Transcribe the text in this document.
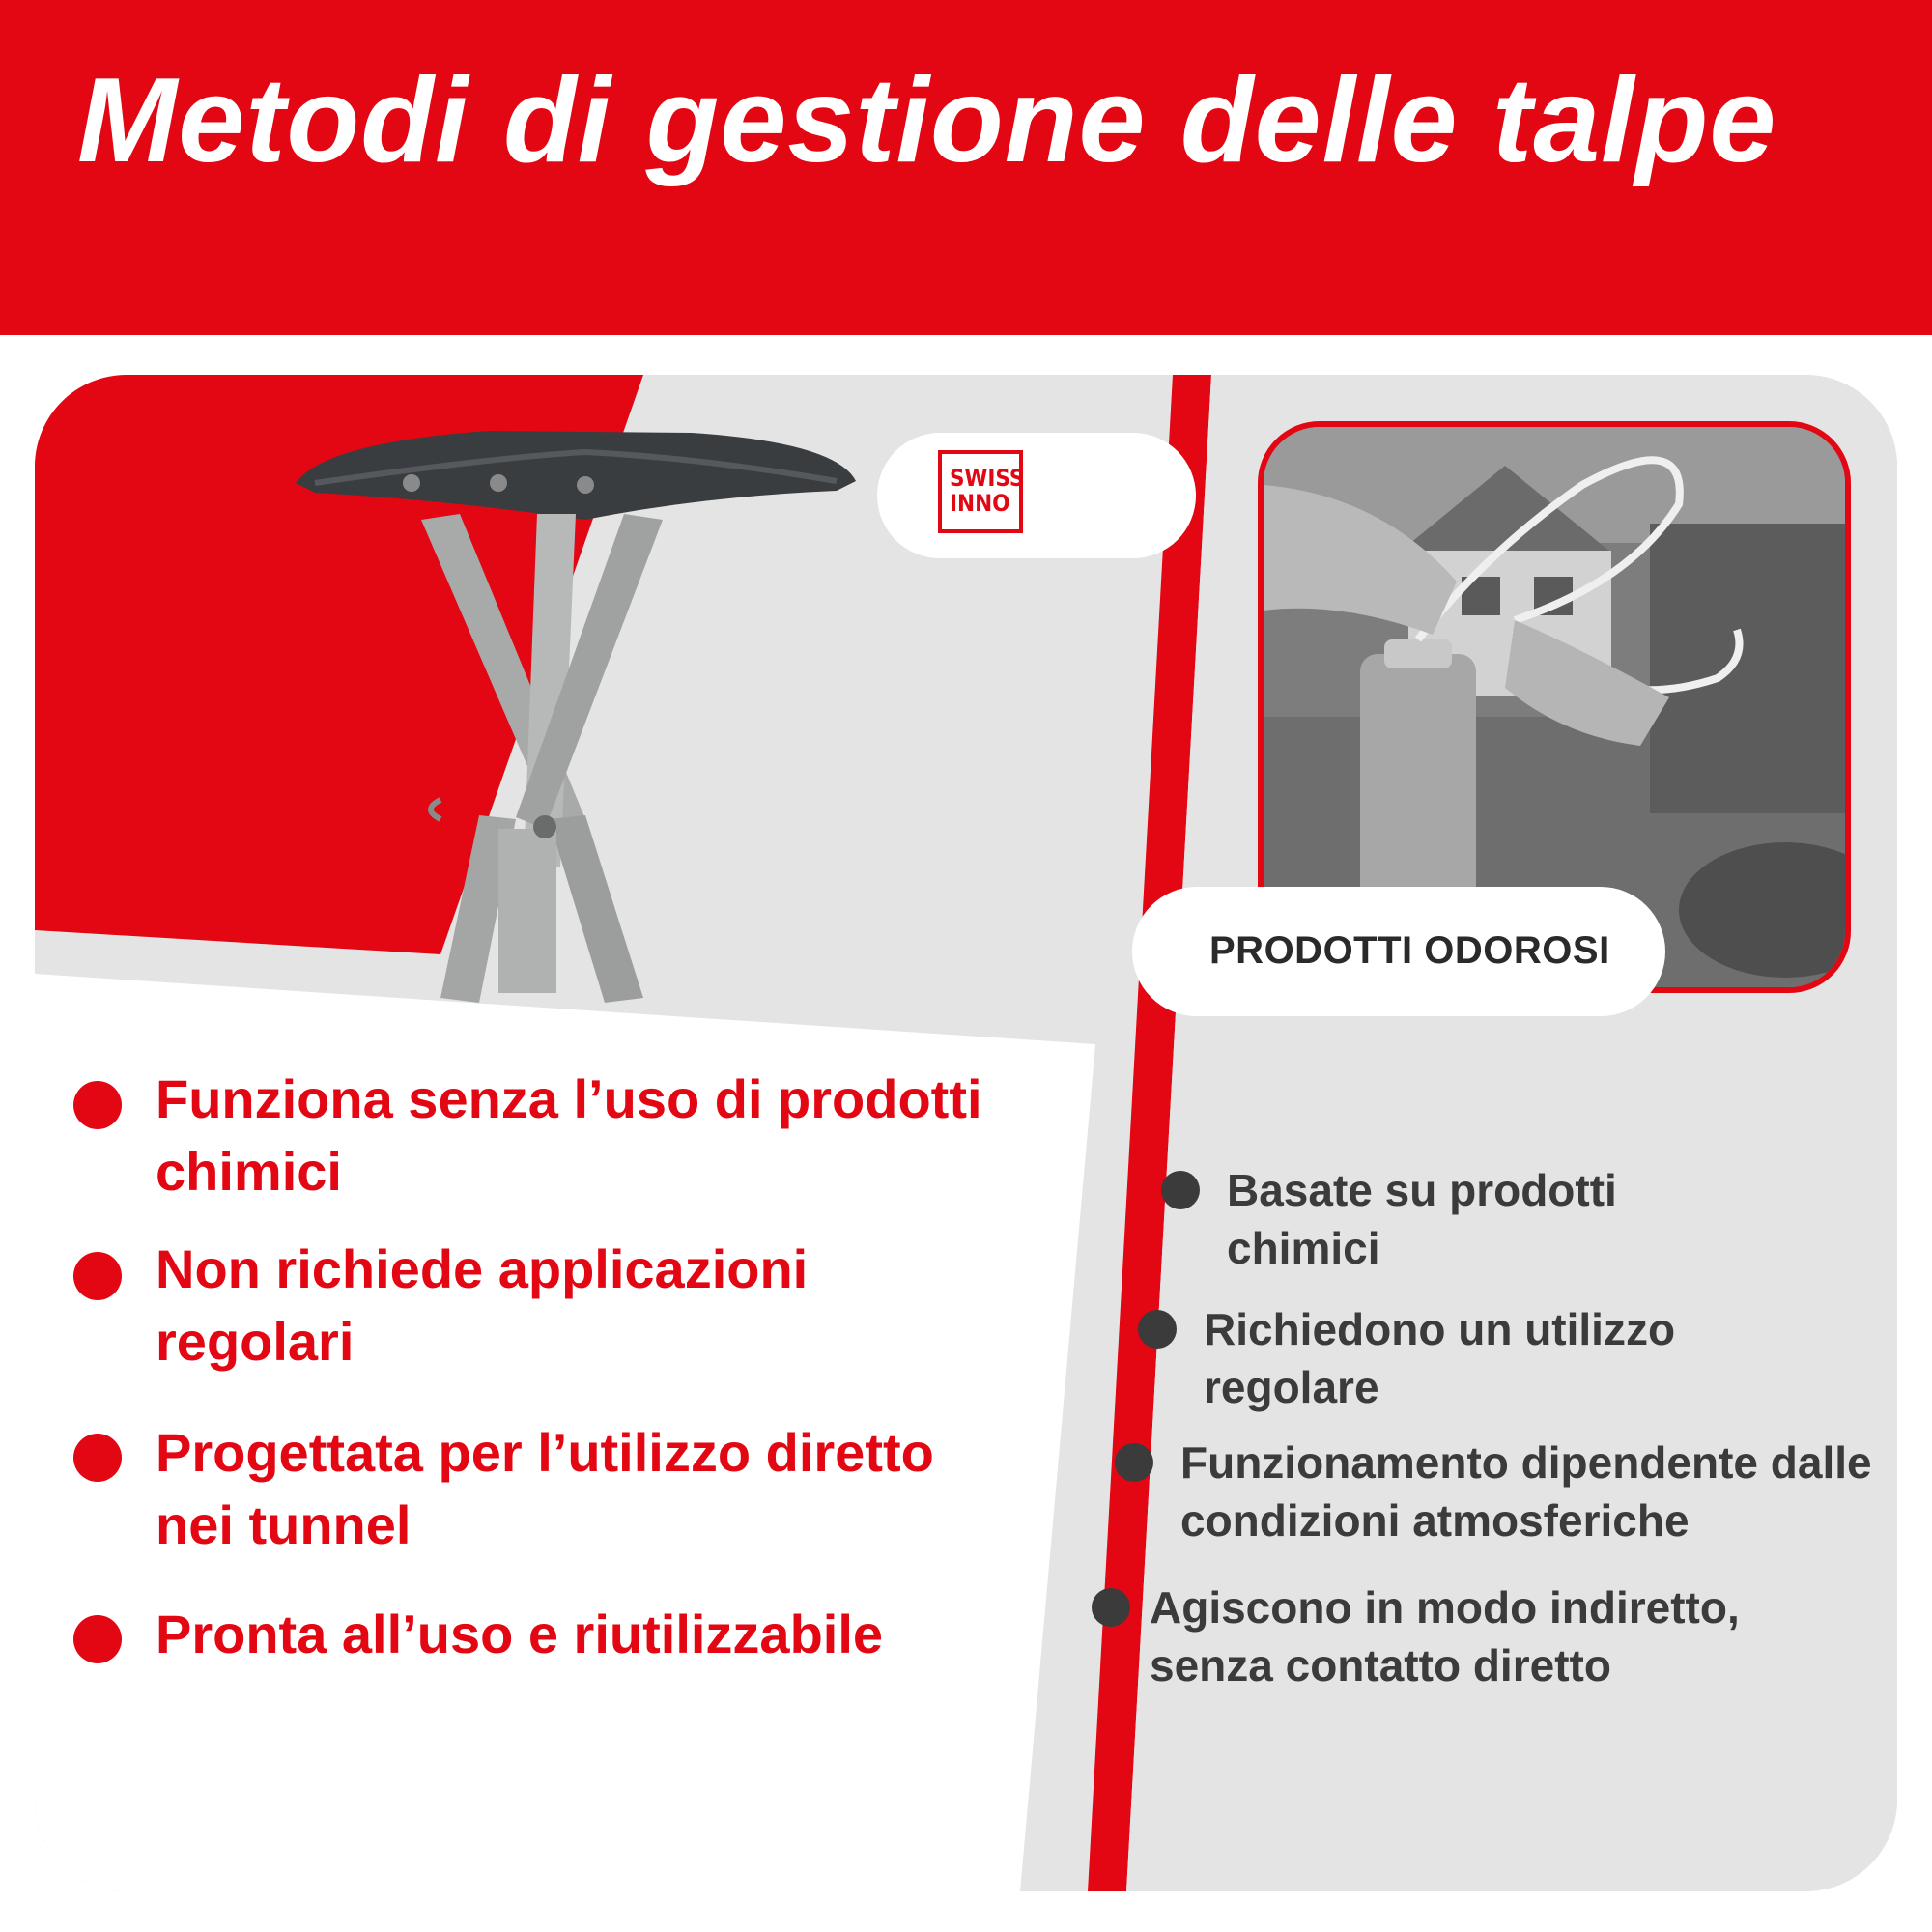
Metodi di gestione delle talpe
SWISS
INNO
PRODOTTI ODOROSI
Funziona senza l’uso di prodotti chimici
Non richiede applicazioni regolari
Progettata per l’utilizzo diretto nei tunnel
Pronta all’uso e riutilizzabile
Basate su prodotti chimici
Richiedono un utilizzo regolare
Funzionamento dipendente dalle condizioni atmosferiche
Agiscono in modo indiretto, senza contatto diretto
